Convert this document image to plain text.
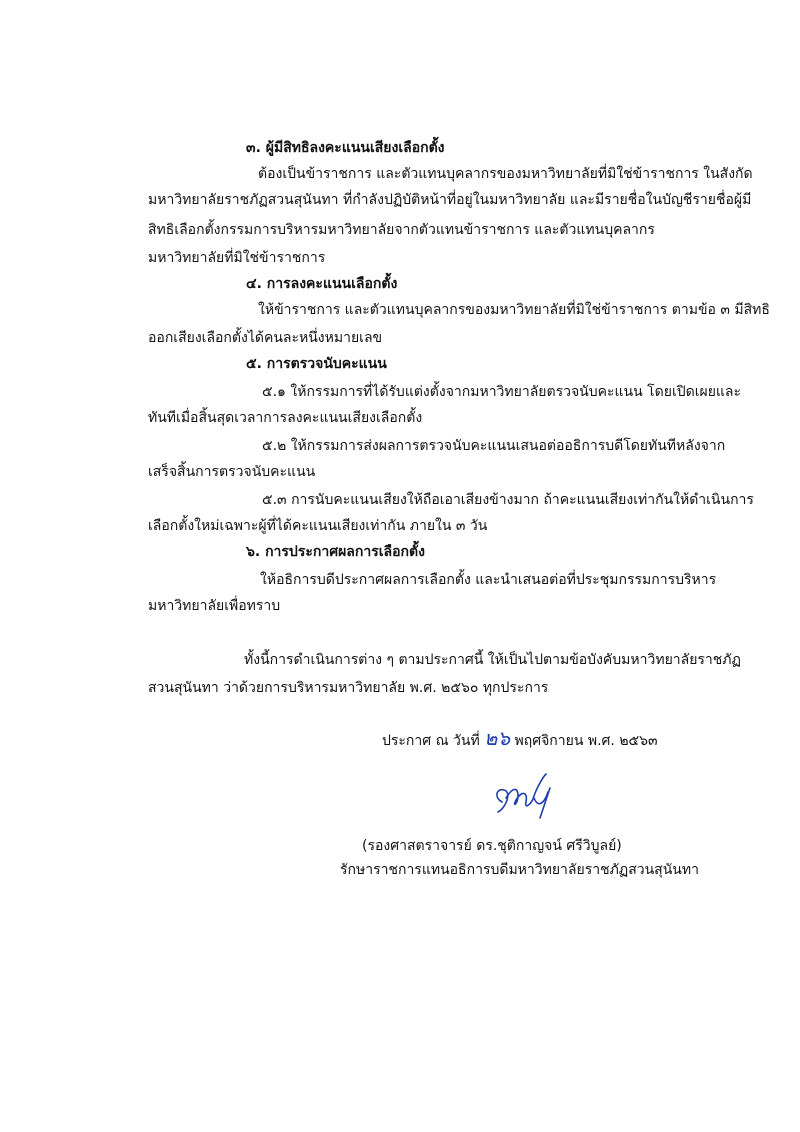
๓. ผู้มีสิทธิลงคะแนนเสียงเลือกตั้ง
ต้องเป็นข้าราชการ และตัวแทนบุคลากรของมหาวิทยาลัยที่มิใช่ข้าราชการ ในสังกัด
มหาวิทยาลัยราชภัฏสวนสุนันทา ที่กำลังปฏิบัติหน้าที่อยู่ในมหาวิทยาลัย และมีรายชื่อในบัญชีรายชื่อผู้มี
สิทธิเลือกตั้งกรรมการบริหารมหาวิทยาลัยจากตัวแทนข้าราชการ และตัวแทนบุคลากร
มหาวิทยาลัยที่มิใช่ข้าราชการ
๔. การลงคะแนนเลือกตั้ง
ให้ข้าราชการ และตัวแทนบุคลากรของมหาวิทยาลัยที่มิใช่ข้าราชการ ตามข้อ ๓ มีสิทธิ
ออกเสียงเลือกตั้งได้คนละหนึ่งหมายเลข
๕. การตรวจนับคะแนน
๕.๑ ให้กรรมการที่ได้รับแต่งตั้งจากมหาวิทยาลัยตรวจนับคะแนน โดยเปิดเผยและ
ทันทีเมื่อสิ้นสุดเวลาการลงคะแนนเสียงเลือกตั้ง
๕.๒ ให้กรรมการส่งผลการตรวจนับคะแนนเสนอต่ออธิการบดีโดยทันทีหลังจาก
เสร็จสิ้นการตรวจนับคะแนน
๕.๓ การนับคะแนนเสียงให้ถือเอาเสียงข้างมาก ถ้าคะแนนเสียงเท่ากันให้ดำเนินการ
เลือกตั้งใหม่เฉพาะผู้ที่ได้คะแนนเสียงเท่ากัน ภายใน ๓ วัน
๖. การประกาศผลการเลือกตั้ง
ให้อธิการบดีประกาศผลการเลือกตั้ง และนำเสนอต่อที่ประชุมกรรมการบริหาร
มหาวิทยาลัยเพื่อทราบ
ทั้งนี้การดำเนินการต่าง ๆ ตามประกาศนี้ ให้เป็นไปตามข้อบังคับมหาวิทยาลัยราชภัฏ
สวนสุนันทา ว่าด้วยการบริหารมหาวิทยาลัย พ.ศ. ๒๕๖๐ ทุกประการ
ประกาศ ณ วันที่ ๒๖ พฤศจิกายน พ.ศ. ๒๕๖๓
(รองศาสตราจารย์ ดร.ชุติกาญจน์ ศรีวิบูลย์)
รักษาราชการแทนอธิการบดีมหาวิทยาลัยราชภัฏสวนสุนันทา
